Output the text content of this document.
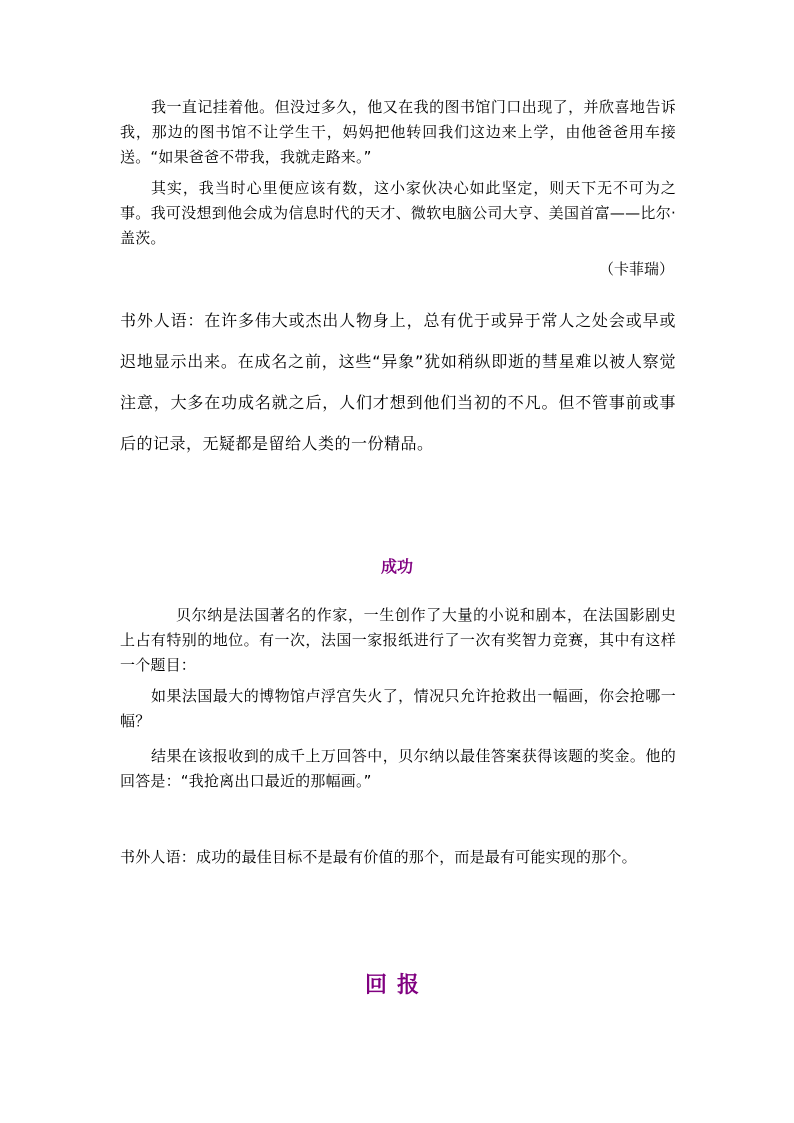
我一直记挂着他。但没过多久，他又在我的图书馆门口出现了，并欣喜地告诉我，那边的图书馆不让学生干，妈妈把他转回我们这边来上学，由他爸爸用车接送。“如果爸爸不带我，我就走路来。”

其实，我当时心里便应该有数，这小家伙决心如此坚定，则天下无不可为之事。我可没想到他会成为信息时代的天才、微软电脑公司大亨、美国首富——比尔·盖茨。

（卡菲瑞）

书外人语：在许多伟大或杰出人物身上，总有优于或异于常人之处会或早或迟地显示出来。在成名之前，这些“异象”犹如稍纵即逝的彗星难以被人察觉注意，大多在功成名就之后，人们才想到他们当初的不凡。但不管事前或事后的记录，无疑都是留给人类的一份精品。

成功

贝尔纳是法国著名的作家，一生创作了大量的小说和剧本，在法国影剧史上占有特别的地位。有一次，法国一家报纸进行了一次有奖智力竞赛，其中有这样一个题目：

如果法国最大的博物馆卢浮宫失火了，情况只允许抢救出一幅画，你会抢哪一幅？

结果在该报收到的成千上万回答中，贝尔纳以最佳答案获得该题的奖金。他的回答是：“我抢离出口最近的那幅画。”

书外人语：成功的最佳目标不是最有价值的那个，而是最有可能实现的那个。

回报
